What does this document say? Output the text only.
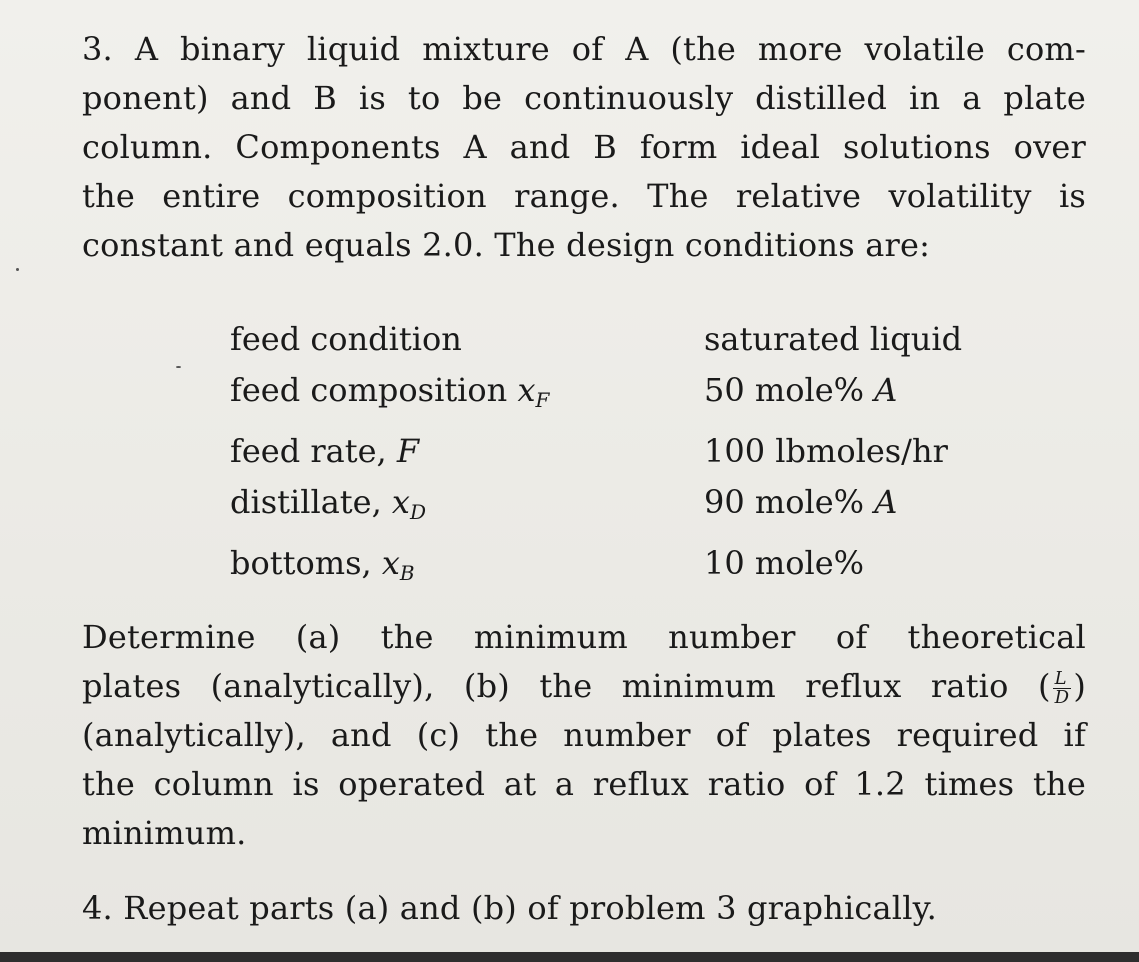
3. A binary liquid mixture of A (the more volatile com-
ponent) and B is to be continuously distilled in a plate
column. Components A and B form ideal solutions over
the entire composition range. The relative volatility is
constant and equals 2.0. The design conditions are:
feed condition	saturated liquid
feed composition $x_F$	50 mole% A
feed rate, F	100 lbmoles/hr
distillate, $x_D$	90 mole% A
bottoms, $x_B$	10 mole%
Determine (a) the minimum number of theoretical
plates (analytically), (b) the minimum reflux ratio ( $\frac{L}{D}$ )
(analytically), and (c) the number of plates required if
the column is operated at a reflux ratio of 1.2 times the
minimum.
4. Repeat parts (a) and (b) of problem 3 graphically.
